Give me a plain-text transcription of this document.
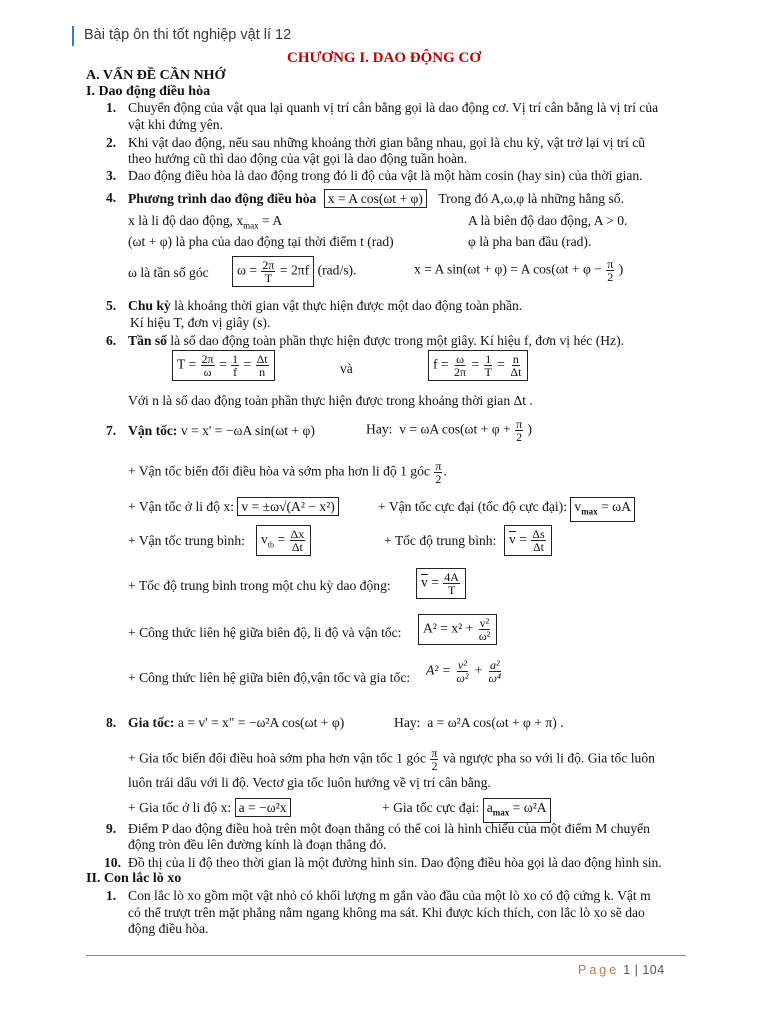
Bài tập ôn thi tốt nghiệp vật lí 12
CHƯƠNG I. DAO ĐỘNG CƠ
A. VẤN ĐỀ CẦN NHỚ
I. Dao động điều hòa
1. Chuyển động của vật qua lại quanh vị trí cân bằng gọi là dao động cơ. Vị trí cân bằng là vị trí của
vật khi đứng yên.
2. Khi vật dao động, nếu sau những khoảng thời gian bằng nhau, gọi là chu kỳ, vật trở lại vị trí cũ
theo hướng cũ thì dao động của vật gọi là dao động tuần hoàn.
3. Dao động điều hòa là dao động trong đó li độ của vật là một hàm cosin (hay sin) của thời gian.
4. Phương trình dao động điều hòa x = A cos(ωt + φ) Trong đó A,ω,φ là những hằng số.
x là li độ dao động, $x_{max} = A$	A là biên độ dao động, A > 0.
(ωt + φ) là pha của dao động tại thời điểm t (rad)	φ là pha ban đầu (rad).
ω là tần số góc	$\omega = \frac{2\pi}{T} = 2\pi f$ (rad/s).	x = A sin(ωt + φ) = A $\cos(\omega t + \varphi - \frac{\pi}{2}$ )
5. Chu kỳ là khoảng thời gian vật thực hiện được một dao động toàn phần.
Kí hiệu T, đơn vị giây (s).
6. Tần số là số dao động toàn phần thực hiện được trong một giây. Kí hiệu f, đơn vị héc (Hz).
$T = \frac{2\pi}{\omega} = \frac{1}{f} = \frac{\Delta t}{n}$	và	$f = \frac{\omega}{2\pi} = \frac{1}{T} = \frac{n}{\Delta t}$
Với n là số dao động toàn phần thực hiện được trong khoảng thời gian Δt .
7. Vận tốc: v = x' = −ωA sin(ωt + φ)	Hay: v = ωA $\cos(\omega t + \varphi + \frac{\pi}{2}$ )
+ Vận tốc biến đổi điều hòa và sớm pha hơn li độ 1 góc $\frac{\pi}{2}$ .
+ Vận tốc ở li độ x: v = ±ω√(A² − x²)	+ Vận tốc cực đại (tốc độ cực đại): $v_{max} = \omega A$
+ Vận tốc trung bình:	$v_{tb} = \frac{\Delta x}{\Delta t}$	+ Tốc độ trung bình: $\overline{v} = \frac{\Delta s}{\Delta t}$
+ Tốc độ trung bình trong một chu kỳ dao động:	$\overline{v} = \frac{4A}{T}$
+ Công thức liên hệ giữa biên độ, li độ và vận tốc:	$A^2 = x^2 + \frac{\text{v²}}{\text{ω²}}$
+ Công thức liên hệ giữa biên độ,vận tốc và gia tốc: $A^2 = \frac{\text{v²}}{\text{ω²}} + \frac{\text{a²}}{\text{ω⁴}}$
8. Gia tốc: a = v' = x" = −ω²A cos(ωt + φ)	Hay: a = ω²A cos(ωt + φ + π) .
+ Gia tốc biến đổi điều hoà sớm pha hơn vận tốc 1 góc $\frac{\pi}{2}$ và ngược pha so với li độ. Gia tốc luôn
luôn trái dấu với li độ. Vectơ gia tốc luôn hướng về vị trí cân bằng.
+ Gia tốc ở li độ x: a = −ω²x	+ Gia tốc cực đại: $a_{max} = \omega^2A$
9. Điểm P dao động điều hoà trên một đoạn thẳng có thể coi là hình chiếu của một điểm M chuyển
động tròn đều lên đường kính là đoạn thẳng đó.
10. Đồ thị của li độ theo thời gian là một đường hình sin. Dao động điều hòa gọi là dao động hình sin.
II. Con lắc lò xo
1. Con lắc lò xo gồm một vật nhỏ có khối lượng m gắn vào đầu của một lò xo có độ cứng k. Vật m
có thể trượt trên mặt phẳng nằm ngang không ma sát. Khi được kích thích, con lắc lò xo sẽ dao
động điều hòa.
Page 1 | 104
